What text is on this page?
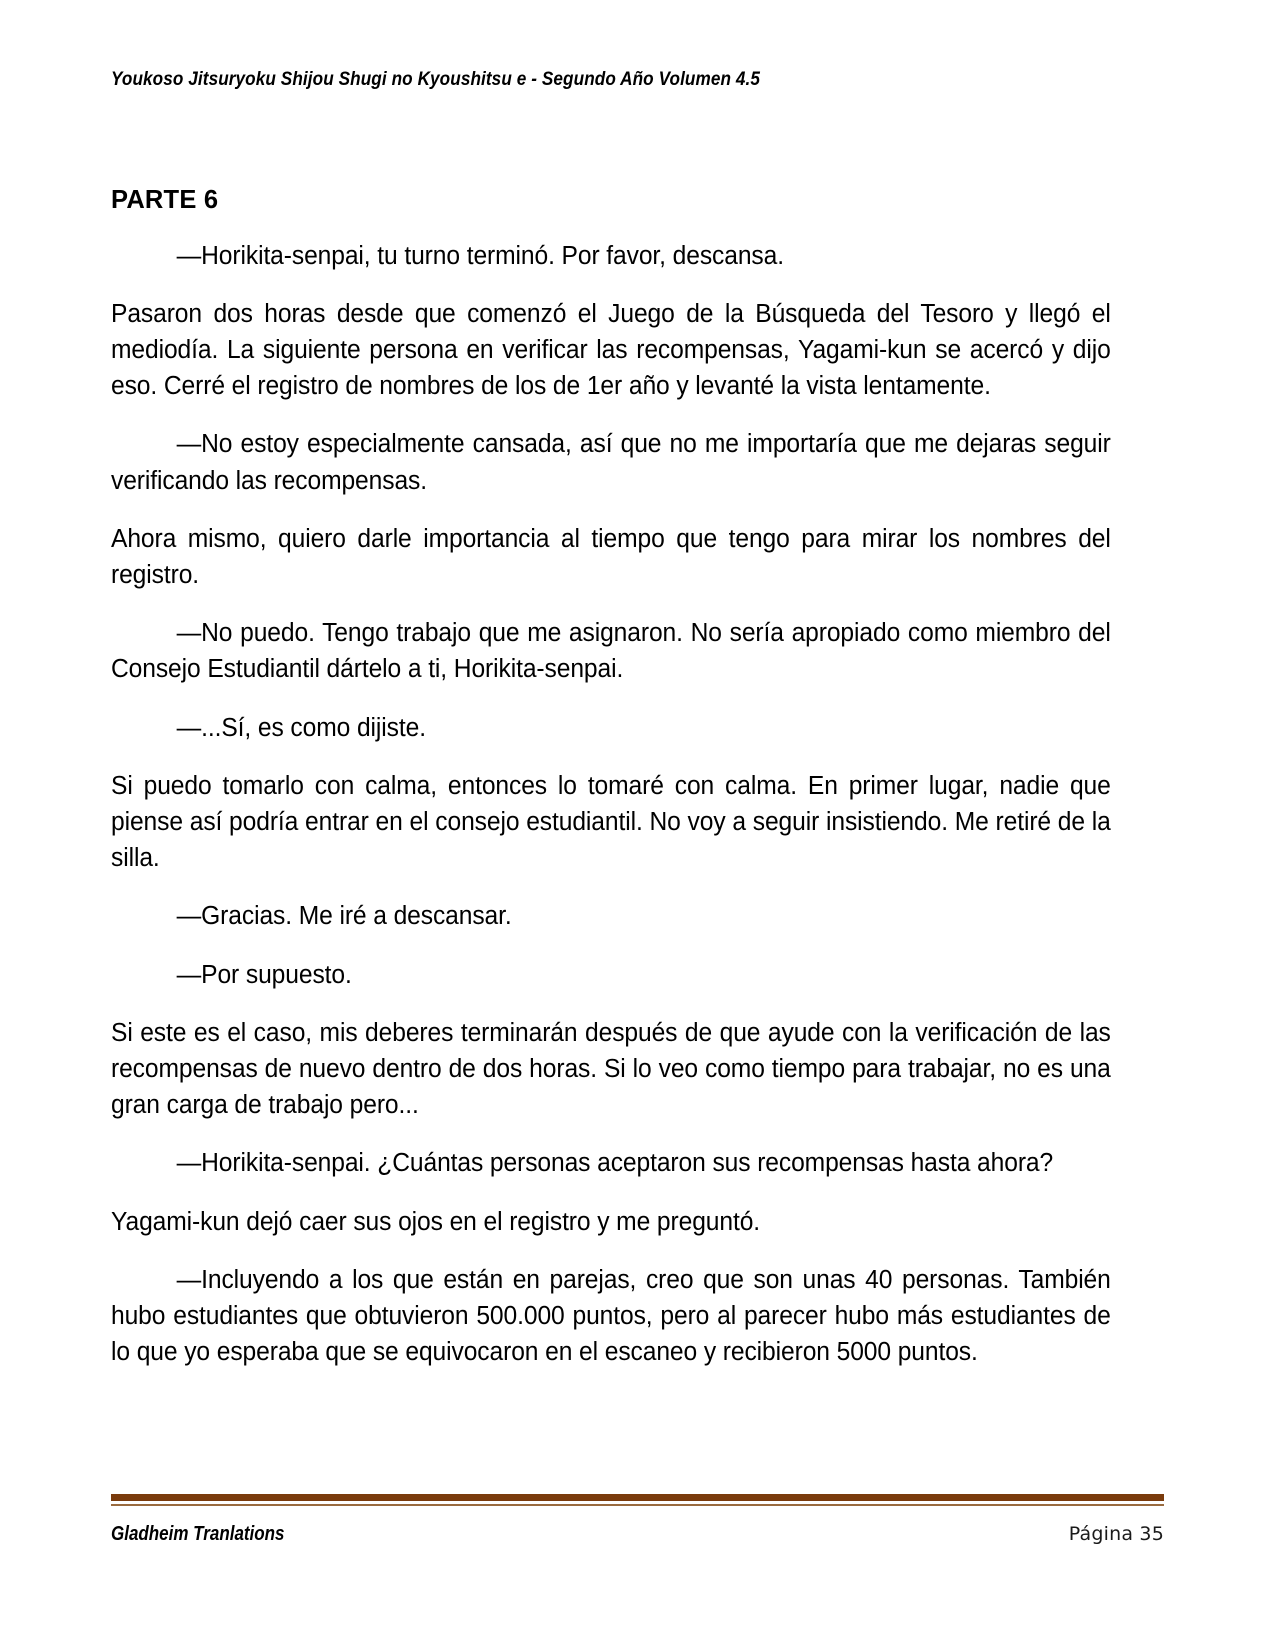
Youkoso Jitsuryoku Shijou Shugi no Kyoushitsu e - Segundo Año Volumen 4.5
PARTE 6

—Horikita-senpai, tu turno terminó. Por favor, descansa.

Pasaron dos horas desde que comenzó el Juego de la Búsqueda del Tesoro y llegó el mediodía. La siguiente persona en verificar las recompensas, Yagami-kun se acercó y dijo eso. Cerré el registro de nombres de los de 1er año y levanté la vista lentamente.

—No estoy especialmente cansada, así que no me importaría que me dejaras seguir verificando las recompensas.

Ahora mismo, quiero darle importancia al tiempo que tengo para mirar los nombres del registro.

—No puedo. Tengo trabajo que me asignaron. No sería apropiado como miembro del Consejo Estudiantil dártelo a ti, Horikita-senpai.

—...Sí, es como dijiste.

Si puedo tomarlo con calma, entonces lo tomaré con calma. En primer lugar, nadie que piense así podría entrar en el consejo estudiantil. No voy a seguir insistiendo. Me retiré de la silla.

—Gracias. Me iré a descansar.

—Por supuesto.

Si este es el caso, mis deberes terminarán después de que ayude con la verificación de las recompensas de nuevo dentro de dos horas. Si lo veo como tiempo para trabajar, no es una gran carga de trabajo pero...

—Horikita-senpai. ¿Cuántas personas aceptaron sus recompensas hasta ahora?

Yagami-kun dejó caer sus ojos en el registro y me preguntó.

—Incluyendo a los que están en parejas, creo que son unas 40 personas. También hubo estudiantes que obtuvieron 500.000 puntos, pero al parecer hubo más estudiantes de lo que yo esperaba que se equivocaron en el escaneo y recibieron 5000 puntos.

Gladheim Tranlations	Página 35
